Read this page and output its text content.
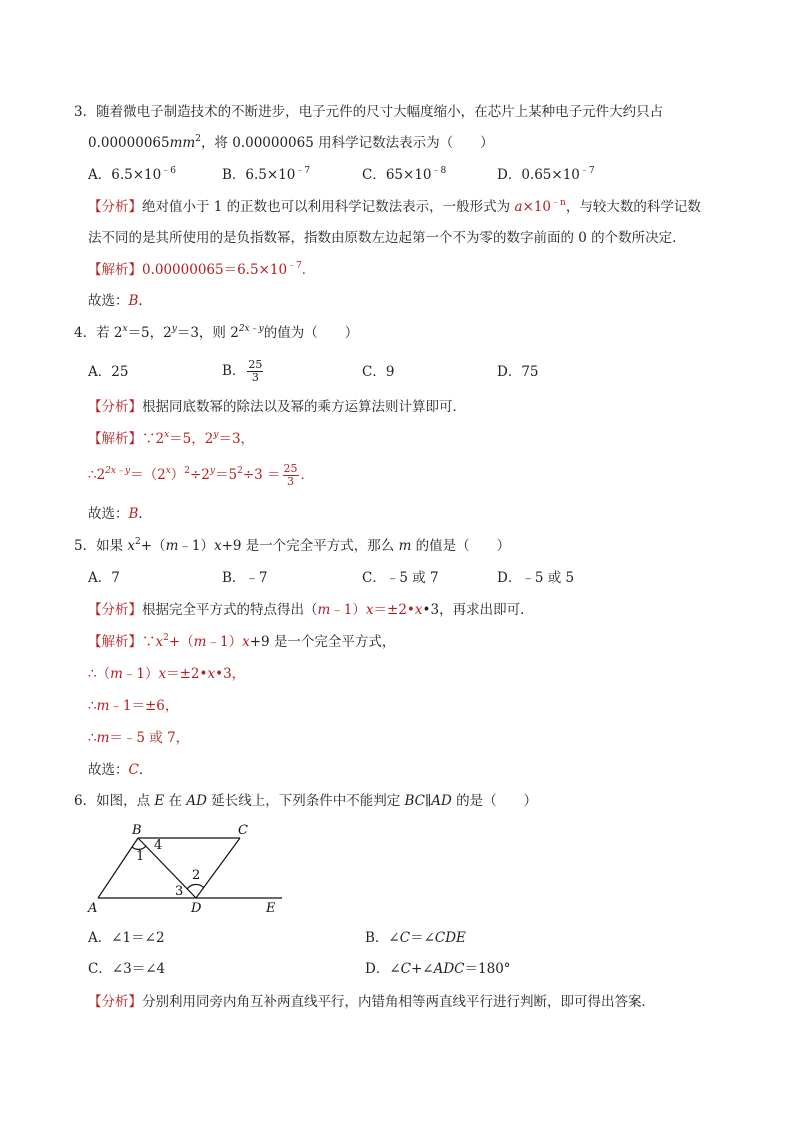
3．随着微电子制造技术的不断进步，电子元件的尺寸大幅度缩小，在芯片上某种电子元件大约只占
$0.00000065mm^2$，将 0.00000065 用科学记数法表示为（　　）
A．$6.5\times 10^{﹣6}$	B．$6.5\times 10^{﹣7}$	C．$65\times 10^{﹣8}$	D．$0.65\times 10^{﹣7}$
【分析】绝对值小于 1 的正数也可以利用科学记数法表示，一般形式为 $a\times 10^{﹣n}$，与较大数的科学记数
法不同的是其所使用的是负指数幂，指数由原数左边起第一个不为零的数字前面的 0 的个数所决定．
【解析】$0.00000065=6.5\times 10^{﹣7}$．
故选：B．
4．若 $2^x=5$，$2^y=3$，则 $2^{2x﹣y}$的值为（　　）
A．25	B． $\frac{25}{3}$	C．9	D．75
【分析】根据同底数幂的除法以及幂的乘方运算法则计算即可．
【解析】$\because 2^x=5$，$2^y=3$，
$\therefore 2^{2x﹣y}=(2^x)^2\div 2^y=5^2\div 3 = \frac{25}{3}$ ．
故选：B．
5．如果 $x^2+(m﹣1)x+9$ 是一个完全平方式，那么 m 的值是（　　）
A．7	B．﹣7	C．﹣5 或 7	D．﹣5 或 5
【分析】根据完全平方式的特点得出（m﹣1）x＝±2•x•3，再求出即可．
【解析】$\because x^2+(m﹣1)x+9$ 是一个完全平方式，
∴（m﹣1）x＝±2•x•3，
∴m﹣1＝±6，
∴m＝﹣5 或 7，
故选：C．
6．如图，点 E 在 AD 延长线上，下列条件中不能判定 BC∥AD 的是（　　）
B	C
A	D	E
1
4
2
3
A．∠1＝∠2	B．∠C＝∠CDE
C．∠3＝∠4	D．∠C+∠ADC＝180°
【分析】分别利用同旁内角互补两直线平行，内错角相等两直线平行进行判断，即可得出答案．
